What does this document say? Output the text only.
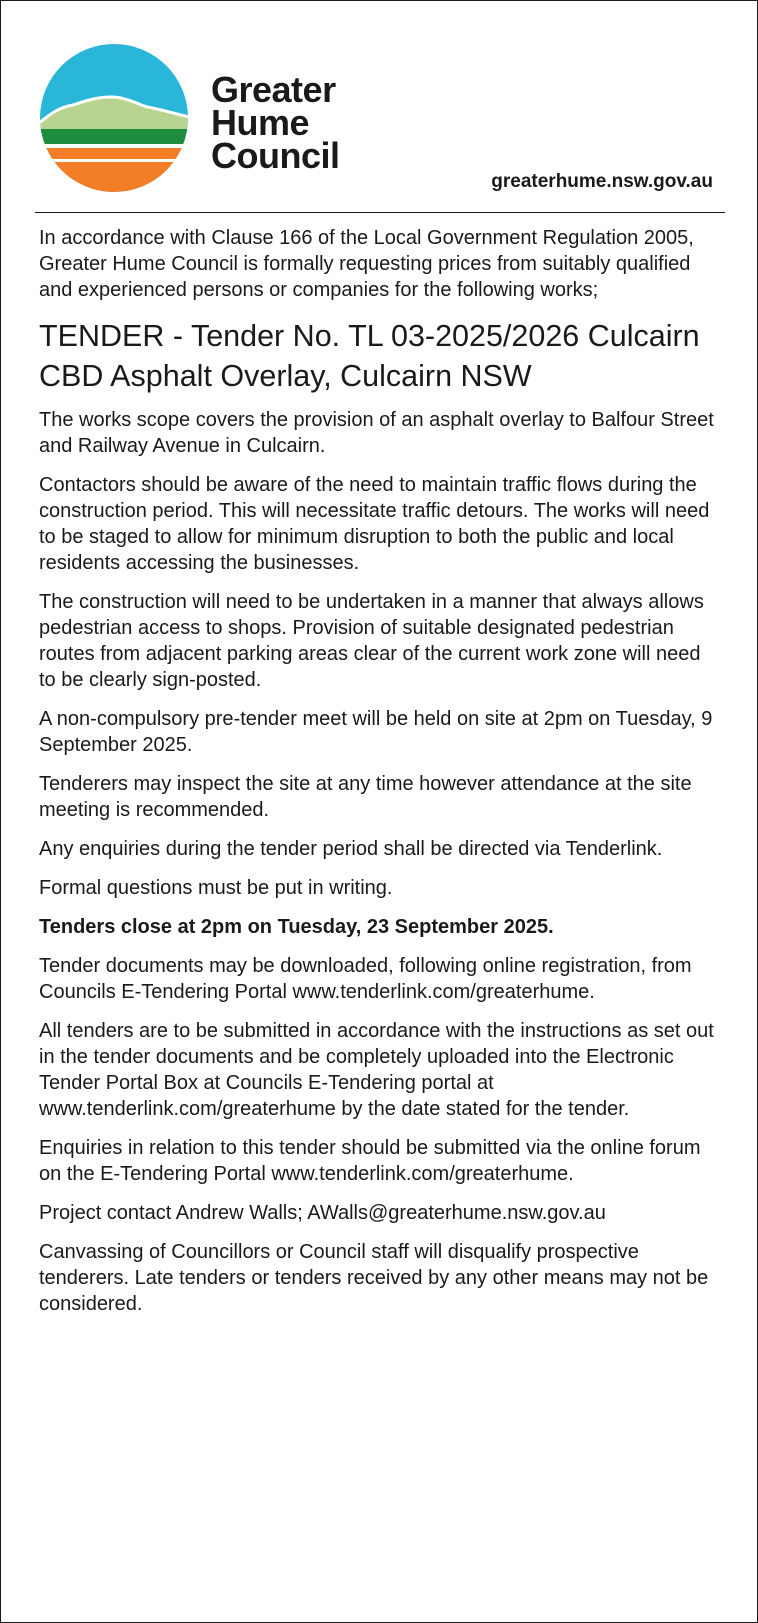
Greater
Hume
Council
greaterhume.nsw.gov.au

In accordance with Clause 166 of the Local Government Regulation 2005, Greater Hume Council is formally requesting prices from suitably qualified and experienced persons or companies for the following works;

TENDER - Tender No. TL 03-2025/2026 Culcairn CBD Asphalt Overlay, Culcairn NSW

The works scope covers the provision of an asphalt overlay to Balfour Street and Railway Avenue in Culcairn.

Contactors should be aware of the need to maintain traffic flows during the construction period. This will necessitate traffic detours. The works will need to be staged to allow for minimum disruption to both the public and local residents accessing the businesses.

The construction will need to be undertaken in a manner that always allows pedestrian access to shops. Provision of suitable designated pedestrian routes from adjacent parking areas clear of the current work zone will need to be clearly sign-posted.

A non-compulsory pre-tender meet will be held on site at 2pm on Tuesday, 9 September 2025.

Tenderers may inspect the site at any time however attendance at the site meeting is recommended.

Any enquiries during the tender period shall be directed via Tenderlink.

Formal questions must be put in writing.

Tenders close at 2pm on Tuesday, 23 September 2025.

Tender documents may be downloaded, following online registration, from Councils E-Tendering Portal www.tenderlink.com/greaterhume.

All tenders are to be submitted in accordance with the instructions as set out in the tender documents and be completely uploaded into the Electronic Tender Portal Box at Councils E-Tendering portal at www.tenderlink.com/greaterhume by the date stated for the tender.

Enquiries in relation to this tender should be submitted via the online forum on the E-Tendering Portal www.tenderlink.com/greaterhume.

Project contact Andrew Walls; AWalls@greaterhume.nsw.gov.au

Canvassing of Councillors or Council staff will disqualify prospective tenderers. Late tenders or tenders received by any other means may not be considered.
